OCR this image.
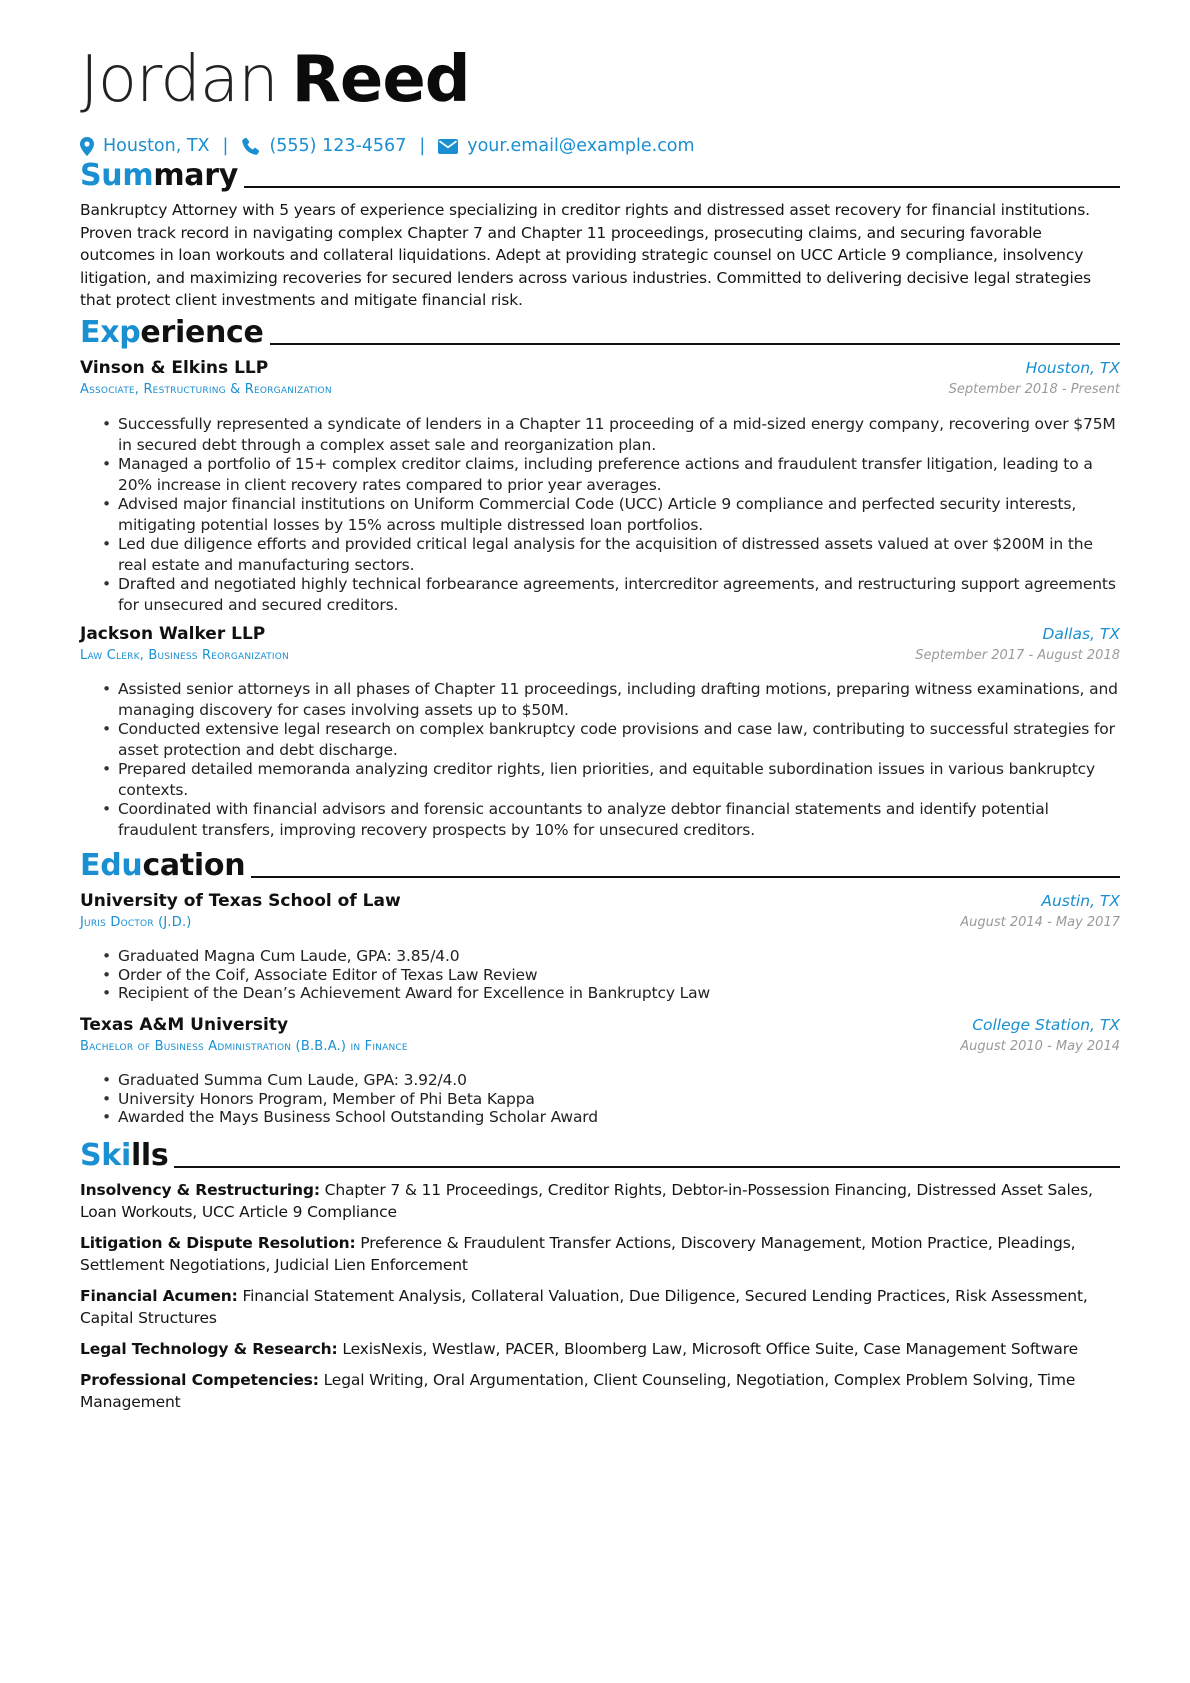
Jordan Reed
Houston, TX | (555) 123-4567 | your.email@example.com
Summary
Bankruptcy Attorney with 5 years of experience specializing in creditor rights and distressed asset recovery for financial institutions. Proven track record in navigating complex Chapter 7 and Chapter 11 proceedings, prosecuting claims, and securing favorable outcomes in loan workouts and collateral liquidations. Adept at providing strategic counsel on UCC Article 9 compliance, insolvency litigation, and maximizing recoveries for secured lenders across various industries. Committed to delivering decisive legal strategies that protect client investments and mitigate financial risk.
Experience
Vinson & Elkins LLP	Houston, TX
Associate, Restructuring & Reorganization	September 2018 - Present
• Successfully represented a syndicate of lenders in a Chapter 11 proceeding of a mid-sized energy company, recovering over $75M in secured debt through a complex asset sale and reorganization plan.
• Managed a portfolio of 15+ complex creditor claims, including preference actions and fraudulent transfer litigation, leading to a 20% increase in client recovery rates compared to prior year averages.
• Advised major financial institutions on Uniform Commercial Code (UCC) Article 9 compliance and perfected security interests, mitigating potential losses by 15% across multiple distressed loan portfolios.
• Led due diligence efforts and provided critical legal analysis for the acquisition of distressed assets valued at over $200M in the real estate and manufacturing sectors.
• Drafted and negotiated highly technical forbearance agreements, intercreditor agreements, and restructuring support agreements for unsecured and secured creditors.
Jackson Walker LLP	Dallas, TX
Law Clerk, Business Reorganization	September 2017 - August 2018
• Assisted senior attorneys in all phases of Chapter 11 proceedings, including drafting motions, preparing witness examinations, and managing discovery for cases involving assets up to $50M.
• Conducted extensive legal research on complex bankruptcy code provisions and case law, contributing to successful strategies for asset protection and debt discharge.
• Prepared detailed memoranda analyzing creditor rights, lien priorities, and equitable subordination issues in various bankruptcy contexts.
• Coordinated with financial advisors and forensic accountants to analyze debtor financial statements and identify potential fraudulent transfers, improving recovery prospects by 10% for unsecured creditors.
Education
University of Texas School of Law	Austin, TX
Juris Doctor (J.D.)	August 2014 - May 2017
• Graduated Magna Cum Laude, GPA: 3.85/4.0
• Order of the Coif, Associate Editor of Texas Law Review
• Recipient of the Dean’s Achievement Award for Excellence in Bankruptcy Law
Texas A&M University	College Station, TX
Bachelor of Business Administration (B.B.A.) in Finance	August 2010 - May 2014
• Graduated Summa Cum Laude, GPA: 3.92/4.0
• University Honors Program, Member of Phi Beta Kappa
• Awarded the Mays Business School Outstanding Scholar Award
Skills
Insolvency & Restructuring: Chapter 7 & 11 Proceedings, Creditor Rights, Debtor-in-Possession Financing, Distressed Asset Sales, Loan Workouts, UCC Article 9 Compliance
Litigation & Dispute Resolution: Preference & Fraudulent Transfer Actions, Discovery Management, Motion Practice, Pleadings, Settlement Negotiations, Judicial Lien Enforcement
Financial Acumen: Financial Statement Analysis, Collateral Valuation, Due Diligence, Secured Lending Practices, Risk Assessment, Capital Structures
Legal Technology & Research: LexisNexis, Westlaw, PACER, Bloomberg Law, Microsoft Office Suite, Case Management Software
Professional Competencies: Legal Writing, Oral Argumentation, Client Counseling, Negotiation, Complex Problem Solving, Time Management
